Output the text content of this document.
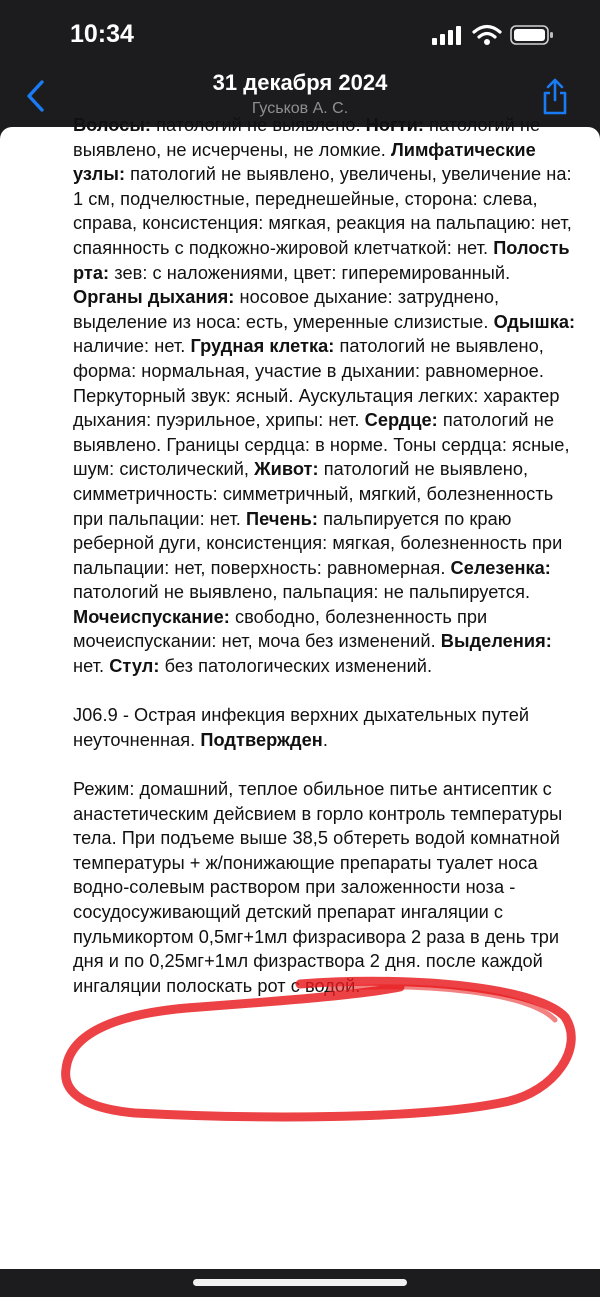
10:34
31 декабря 2024
Гуськов А. С.

Волосы: патологий не выявлено. Ногти: патологий не выявлено, не исчерчены, не ломкие. Лимфатические узлы: патологий не выявлено, увеличены, увеличение на: 1 см, подчелюстные, переднешейные, сторона: слева, справа, консистенция: мягкая, реакция на пальпацию: нет, спаянность с подкожно-жировой клетчаткой: нет. Полость рта: зев: с наложениями, цвет: гиперемированный. Органы дыхания: носовое дыхание: затруднено, выделение из носа: есть, умеренные слизистые. Одышка: наличие: нет. Грудная клетка: патологий не выявлено, форма: нормальная, участие в дыхании: равномерное. Перкуторный звук: ясный. Аускультация легких: характер дыхания: пуэрильное, хрипы: нет. Сердце: патологий не выявлено. Границы сердца: в норме. Тоны сердца: ясные, шум: систолический, Живот: патологий не выявлено, симметричность: симметричный, мягкий, болезненность при пальпации: нет. Печень: пальпируется по краю реберной дуги, консистенция: мягкая, болезненность при пальпации: нет, поверхность: равномерная. Селезенка: патологий не выявлено, пальпация: не пальпируется. Мочеиспускание: свободно, болезненность при мочеиспускании: нет, моча без изменений. Выделения: нет. Стул: без патологических изменений.

J06.9 - Острая инфекция верхних дыхательных путей неуточненная. Подтвержден.

Режим: домашний, теплое обильное питье антисептик с анастетическим дейсвием в горло контроль температуры тела. При подъеме выше 38,5 обтереть водой комнатной температуры + ж/понижающие препараты туалет носа водно-солевым раствором при заложенности ноза - сосудосуживающий детский препарат ингаляции с пульмикортом 0,5мг+1мл физрасивора 2 раза в день три дня и по 0,25мг+1мл физраствора 2 дня. после каждой ингаляции полоскать рот с водой.
